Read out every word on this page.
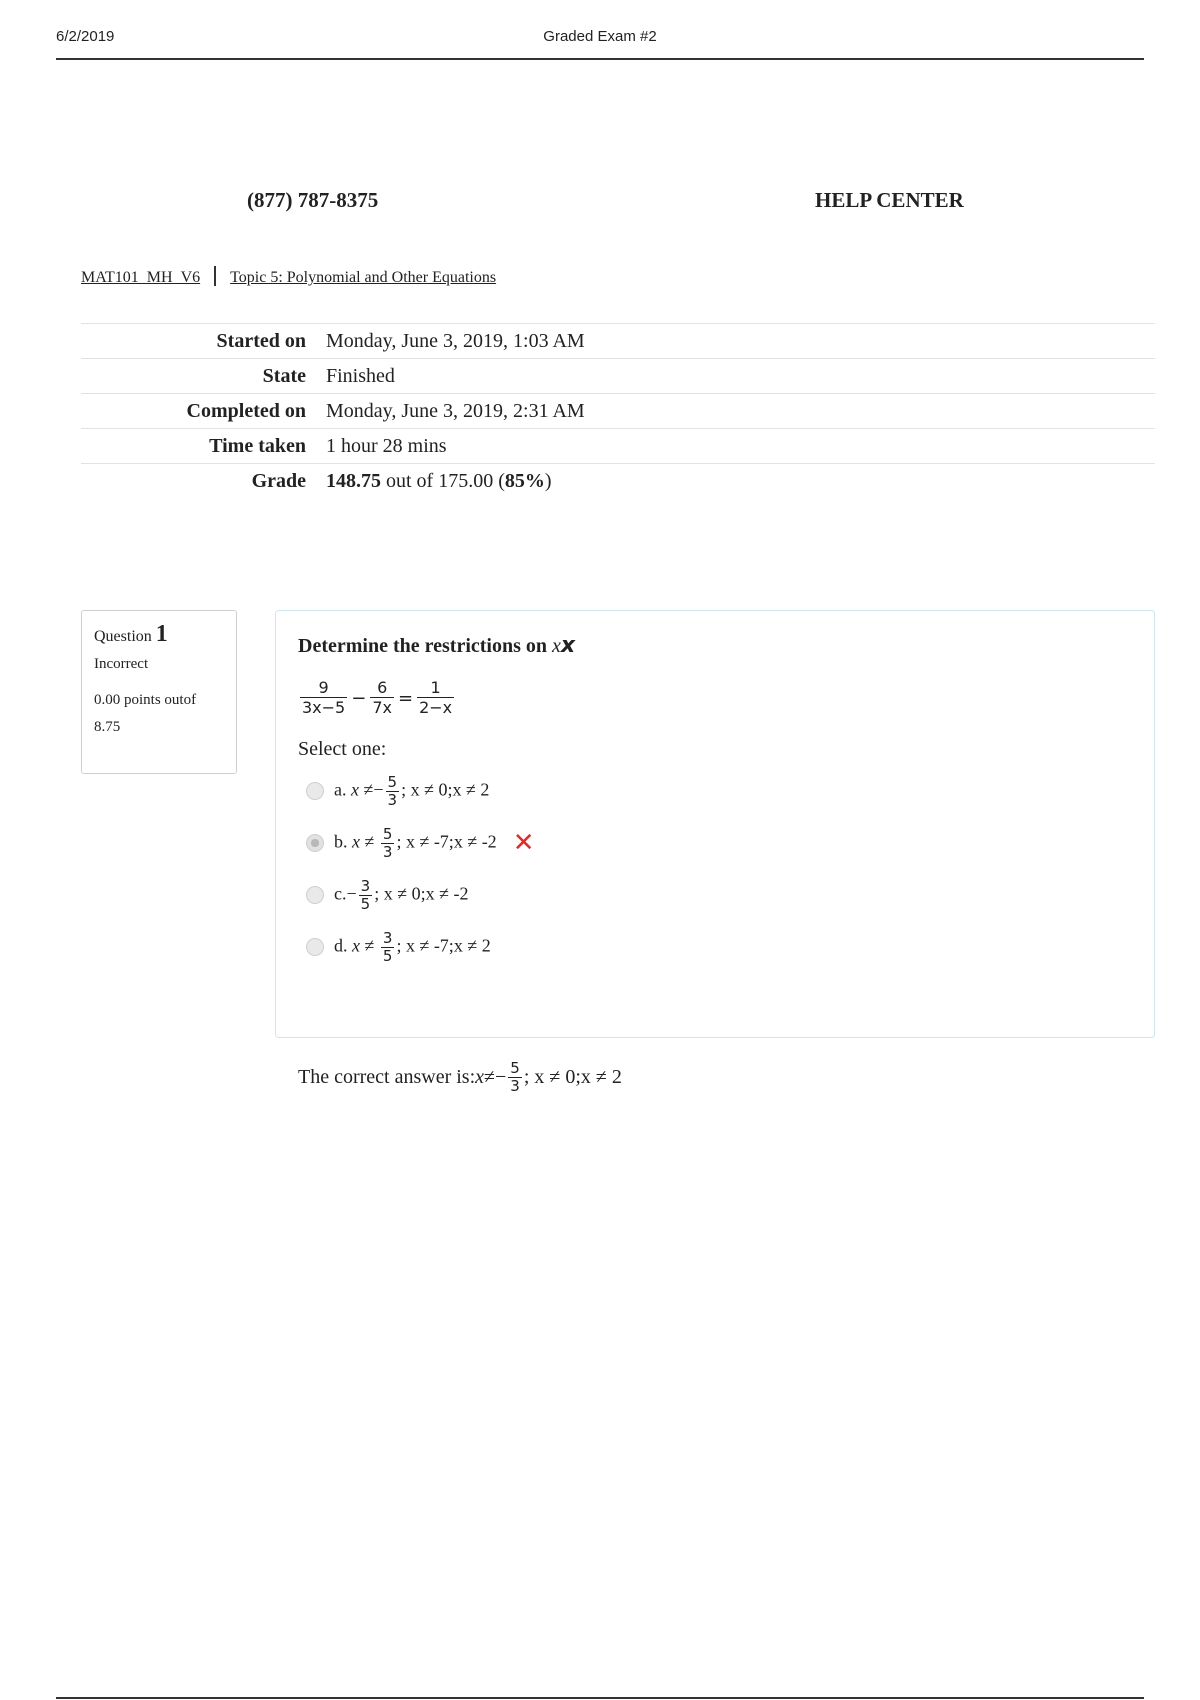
6/2/2019	Graded Exam #2
(877) 787-8375	HELP CENTER
MAT101_MH_V6 Topic 5: Polynomial and Other Equations
Started on	Monday, June 3, 2019, 1:03 AM
State	Finished
Completed on	Monday, June 3, 2019, 2:31 AM
Time taken	1 hour 28 mins
Grade	148.75 out of 175.00 (85%)
Question 1
Incorrect
0.00 points outof
8.75
Determine the restrictions on xx
$\frac{9}{3x-5} - \frac{6}{7x} = \frac{1}{2-x}$
Select one:
a. $x \ne- \frac{5}{3}$ ; x ≠ 0;x ≠ 2
b. $x \ne \frac{5}{3}$ ; x ≠ -7;x ≠ -2 ✕
$c.- \frac{3}{5}$ ; x ≠ 0;x ≠ -2
d. $x \ne \frac{3}{5}$ ; x ≠ -7;x ≠ 2
The correct answer is: x ≠ − $\frac{5}{3}$ ; x ≠ 0;x ≠ 2
